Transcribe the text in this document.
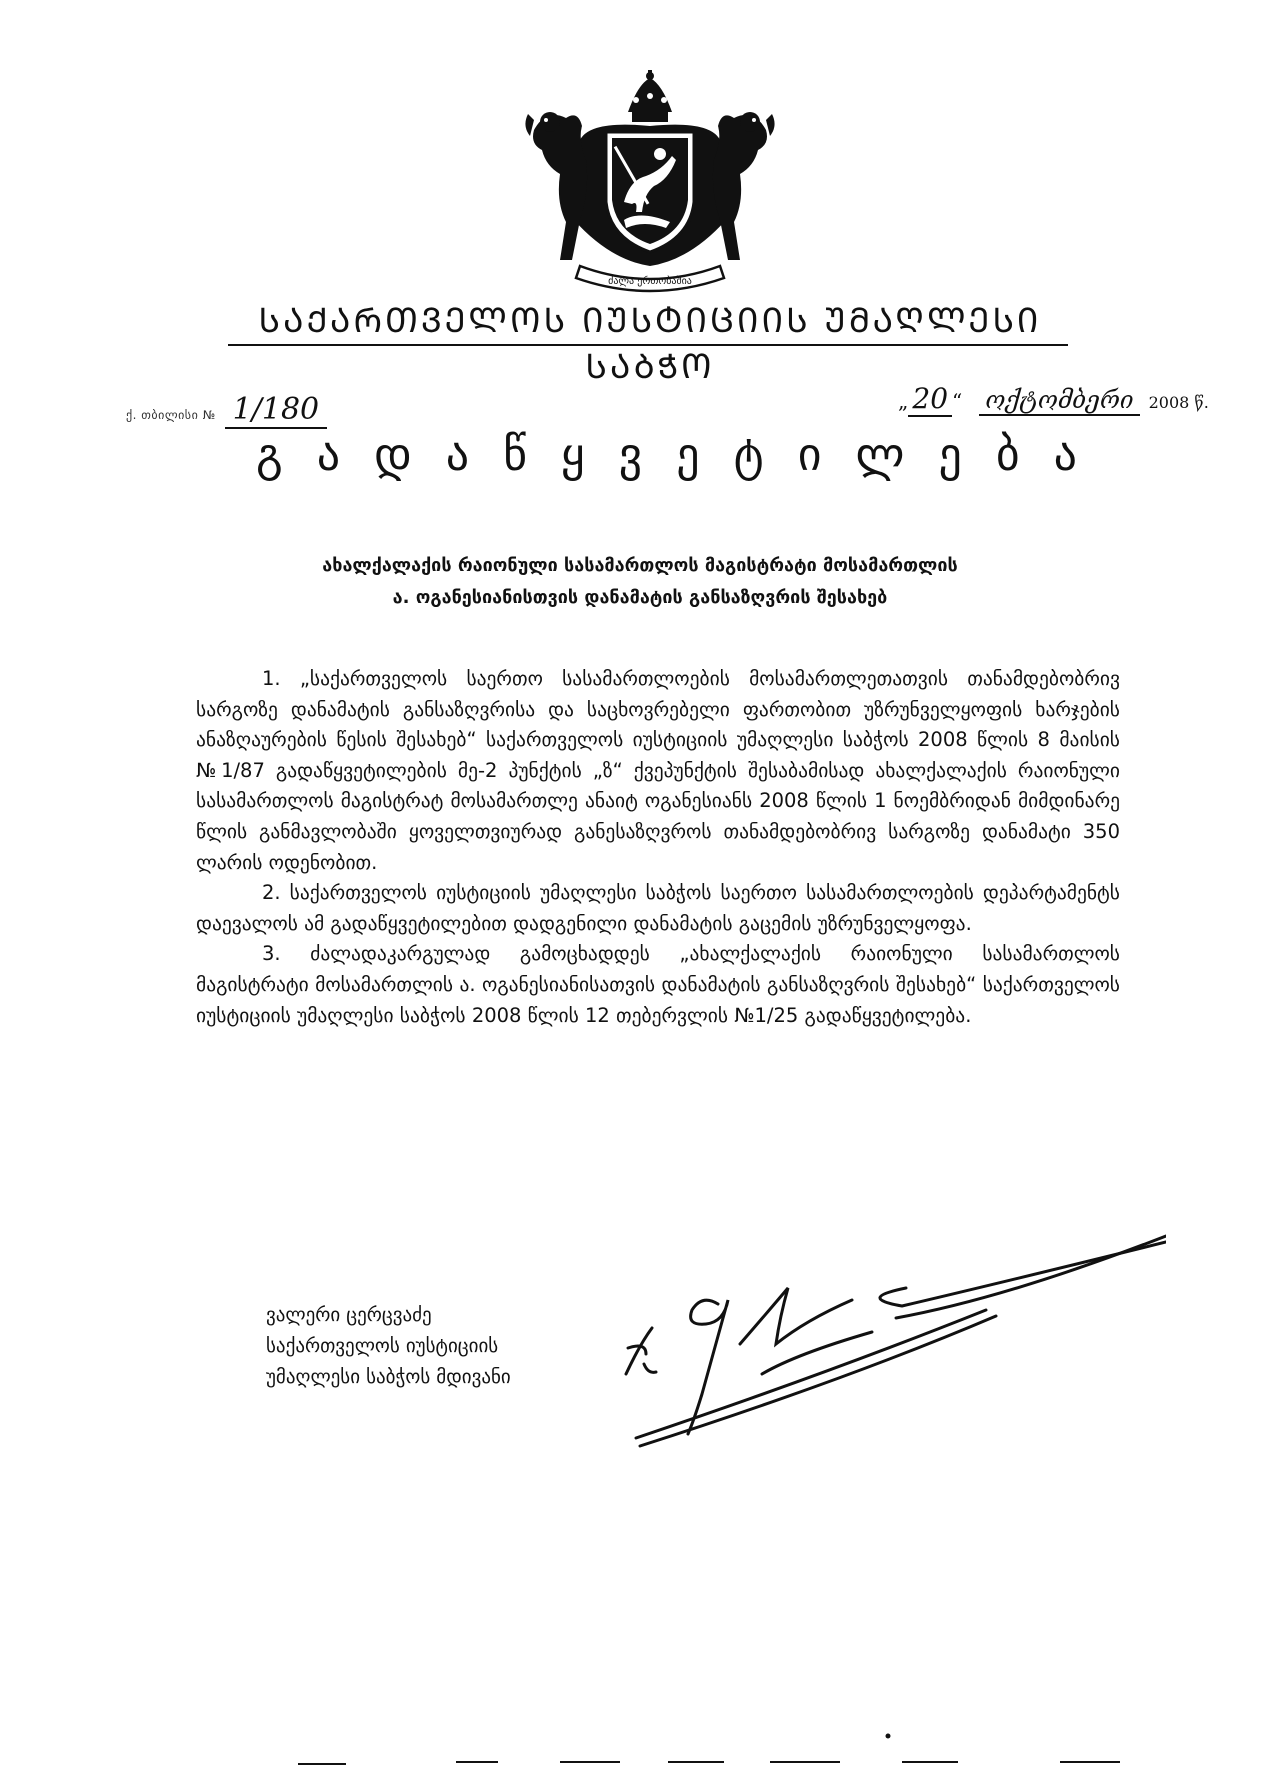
ძალა ერთობაშია
ᲡᲐᲥᲐᲠᲗᲕᲔᲚᲝᲡ ᲘᲣᲡᲢᲘᲪᲘᲘᲡ ᲣᲛᲐᲦᲚᲔᲡᲘ ᲡᲐᲑᲭᲝ
ქ. თბილისი № 1/180	„ 20 “ ოქტომბერი 2008 წ.
გადაწყვეტილება
ახალქალაქის რაიონული სასამართლოს მაგისტრატი მოსამართლის
ა. ოგანესიანისთვის დანამატის განსაზღვრის შესახებ

1. „საქართველოს საერთო სასამართლოების მოსამართლეთათვის თანამდებობრივ სარგოზე დანამატის განსაზღვრისა და საცხოვრებელი ფართობით უზრუნველყოფის ხარჯების ანაზღაურების წესის შესახებ“ საქართველოს იუსტიციის უმაღლესი საბჭოს 2008 წლის 8 მაისის №1/87 გადაწყვეტილების მე-2 პუნქტის „ზ“ ქვეპუნქტის შესაბამისად ახალქალაქის რაიონული სასამართლოს მაგისტრატ მოსამართლე ანაიტ ოგანესიანს 2008 წლის 1 ნოემბრიდან მიმდინარე წლის განმავლობაში ყოველთვიურად განესაზღვროს თანამდებობრივ სარგოზე დანამატი 350 ლარის ოდენობით.

2. საქართველოს იუსტიციის უმაღლესი საბჭოს საერთო სასამართლოების დეპარტამენტს დაევალოს ამ გადაწყვეტილებით დადგენილი დანამატის გაცემის უზრუნველყოფა.

3. ძალადაკარგულად გამოცხადდეს „ახალქალაქის რაიონული სასამართლოს მაგისტრატი მოსამართლის ა. ოგანესიანისათვის დანამატის განსაზღვრის შესახებ“ საქართველოს იუსტიციის უმაღლესი საბჭოს 2008 წლის 12 თებერვლის №1/25 გადაწყვეტილება.

ვალერი ცერცვაძე
საქართველოს იუსტიციის
უმაღლესი საბჭოს მდივანი
